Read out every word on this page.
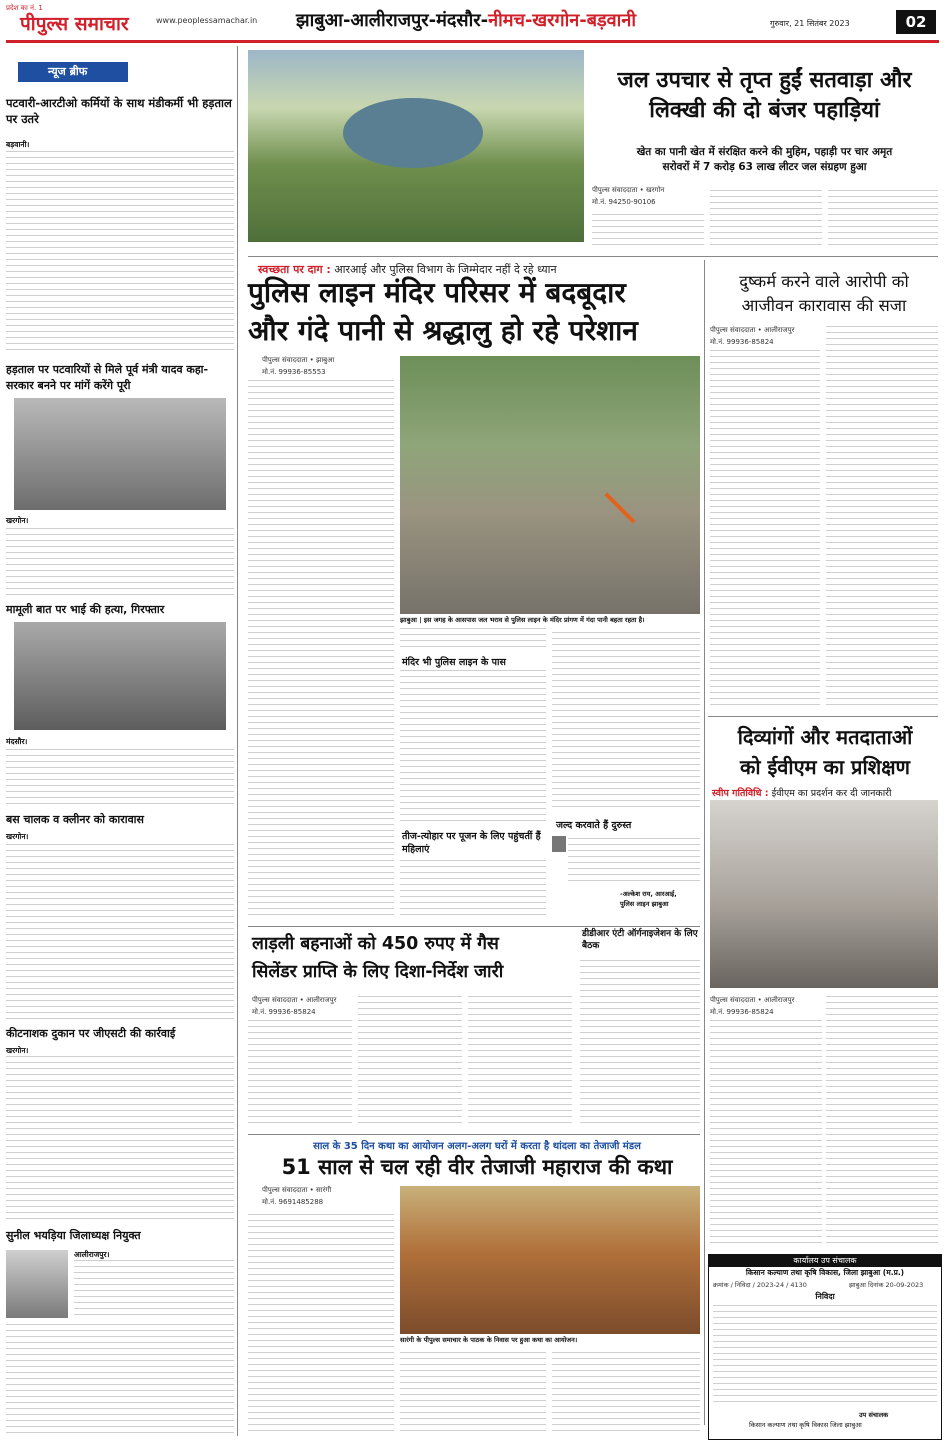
प्रदेश का नं. 1
पीपुल्स समाचार	www.peoplessamachar.in झाबुआ-आलीराजपुर-मंदसौर-नीमच-खरगोन-बड़वानी	गुरुवार, 21 सितंबर 2023	02
न्यूज ब्रीफ
पटवारी-आरटीओ कर्मियों के साथ मंडीकर्मी भी हड़ताल पर उतरे
बड़वानी।
हड़ताल पर पटवारियों से मिले पूर्व मंत्री यादव कहा- सरकार बनने पर मांगें करेंगे पूरी
खरगोन।
मामूली बात पर भाई की हत्या, गिरफ्तार
मंदसौर।
बस चालक व क्लीनर को कारावास
खरगोन।
कीटनाशक दुकान पर जीएसटी की कार्रवाई
खरगोन।
सुनील भयड़िया जिलाध्यक्ष नियुक्त
आलीराजपुर।
जल उपचार से तृप्त हुईं सतवाड़ा और
लिक्खी की दो बंजर पहाड़ियां
खेत का पानी खेत में संरक्षित करने की मुहिम, पहाड़ी पर चार अमृत
सरोवरों में 7 करोड़ 63 लाख लीटर जल संग्रहण हुआ
पीपुल्स संवाददाता • खरगोन
मो.नं. 94250-90106
स्वच्छता पर दाग : आरआई और पुलिस विभाग के जिम्मेदार नहीं दे रहे ध्यान
पुलिस लाइन मंदिर परिसर में बदबूदार
और गंदे पानी से श्रद्धालु हो रहे परेशान
पीपुल्स संवाददाता • झाबुआ
मो.नं. 99936-85553
झाबुआ | इस जगह के आसपास जल भराव से पुलिस लाइन के मंदिर प्रांगण में गंदा पानी बहता रहता है।
मंदिर भी पुलिस लाइन के पास
तीज-त्योहार पर पूजन के लिए पहुंचतीं हैं महिलाएं
जल्द करवाते हैं दुरुस्त
-अल्केश राय, आरआई,
पुलिस लाइन झाबुआ
दुष्कर्म करने वाले आरोपी को
आजीवन कारावास की सजा
पीपुल्स संवाददाता • आलीराजपुर
मो.नं. 99936-85824
दिव्यांगों और मतदाताओं
को ईवीएम का प्रशिक्षण
स्वीप गतिविधि : ईवीएम का प्रदर्शन कर दी जानकारी
पीपुल्स संवाददाता • आलीराजपुर
मो.नं. 99936-85824
लाड़ली बहनाओं को 450 रुपए में गैस
सिलेंडर प्राप्ति के लिए दिशा-निर्देश जारी
डीडीआर एंटी ऑर्गनाइजेशन के लिए बैठक
पीपुल्स संवाददाता • आलीराजपुर
मो.नं. 99936-85824
साल के 35 दिन कथा का आयोजन अलग-अलग घरों में करता है थांदला का तेजाजी मंडल
51 साल से चल रही वीर तेजाजी महाराज की कथा
पीपुल्स संवाददाता • सारंगी
मो.नं. 9691485288
सारंगी के पीपुल्स समाचार के पाठक के निवास पर हुआ कथा का आयोजन।
कार्यालय उप संचालक
किसान कल्याण तथा कृषि विकास, जिला झाबुआ (म.प्र.)
क्रमांक / निविदा / 2023-24 / 4130	झाबुआ दिनांक 20-09-2023
निविदा
उप संचालक
किसान कल्याण तथा कृषि विकास जिला झाबुआ
